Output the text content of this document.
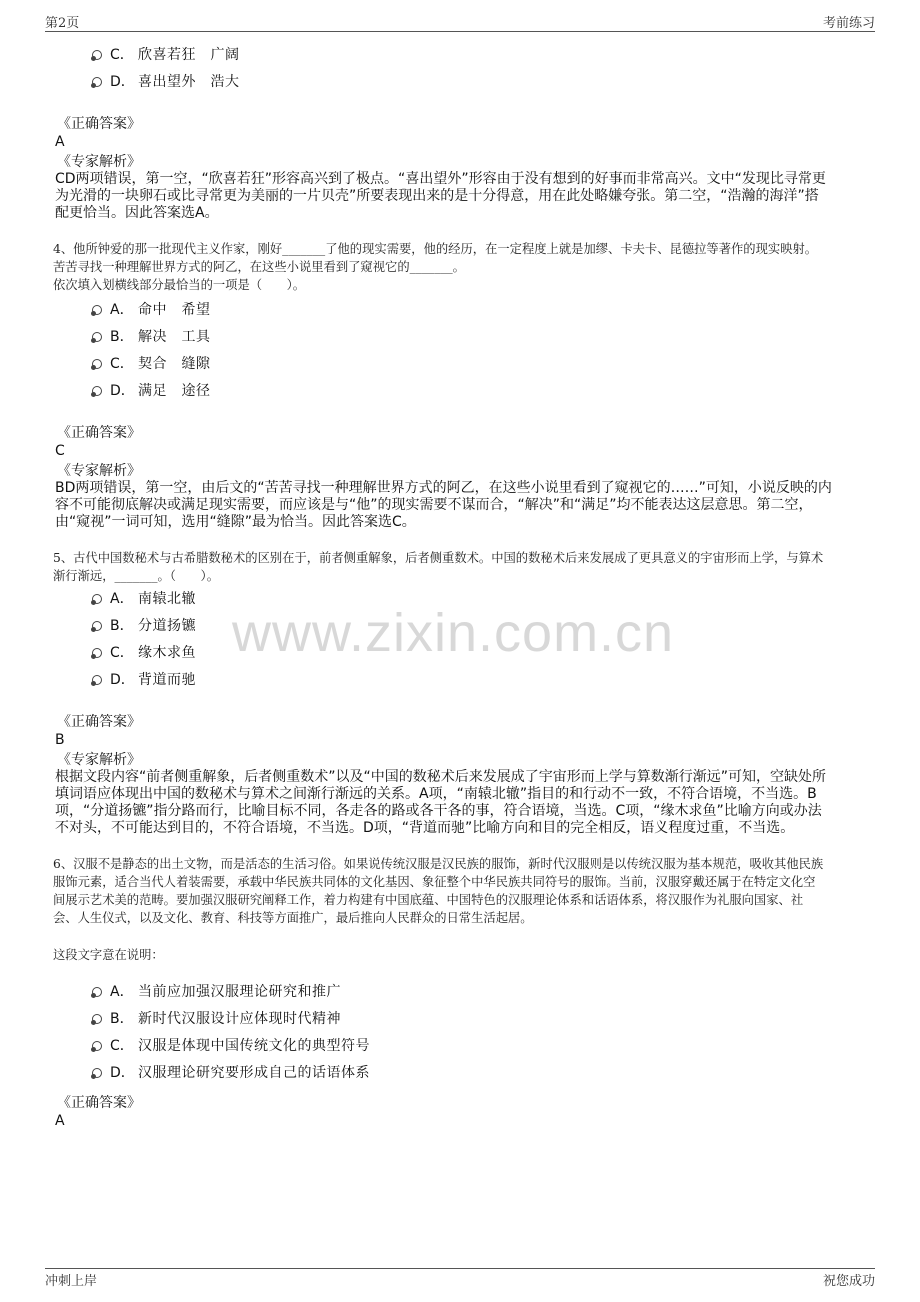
第2页	考前练习
www.zixin.com.cn
C． 欣喜若狂　广阔
D． 喜出望外　浩大
《正确答案》
A
《专家解析》
CD两项错误，第一空，“欣喜若狂”形容高兴到了极点。“喜出望外”形容由于没有想到的好事而非常高兴。文中“发现比寻常更
为光滑的一块卵石或比寻常更为美丽的一片贝壳”所要表现出来的是十分得意，用在此处略嫌夸张。第二空，“浩瀚的海洋”搭
配更恰当。因此答案选A。

4、他所钟爱的那一批现代主义作家，刚好_______了他的现实需要，他的经历，在一定程度上就是加缪、卡夫卡、昆德拉等著作的现实映射。

苦苦寻找一种理解世界方式的阿乙，在这些小说里看到了窥视它的_______。

依次填入划横线部分最恰当的一项是（　　）。

A． 命中　希望
B． 解决　工具
C． 契合　缝隙
D． 满足　途径
《正确答案》
C
《专家解析》
BD两项错误，第一空，由后文的“苦苦寻找一种理解世界方式的阿乙，在这些小说里看到了窥视它的……”可知，小说反映的内
容不可能彻底解决或满足现实需要，而应该是与“他”的现实需要不谋而合，“解决”和“满足”均不能表达这层意思。第二空，
由“窥视”一词可知，选用“缝隙”最为恰当。因此答案选C。

5、古代中国数秘术与古希腊数秘术的区别在于，前者侧重解象，后者侧重数术。中国的数秘术后来发展成了更具意义的宇宙形而上学，与算术

渐行渐远，_______。（　　）。

A． 南辕北辙
B． 分道扬镳
C． 缘木求鱼
D． 背道而驰
《正确答案》
B
《专家解析》
根据文段内容“前者侧重解象，后者侧重数术”以及“中国的数秘术后来发展成了宇宙形而上学与算数渐行渐远”可知，空缺处所
填词语应体现出中国的数秘术与算术之间渐行渐远的关系。A项，“南辕北辙”指目的和行动不一致，不符合语境，不当选。B
项，“分道扬镳”指分路而行，比喻目标不同，各走各的路或各干各的事，符合语境，当选。C项，“缘木求鱼”比喻方向或办法
不对头，不可能达到目的，不符合语境，不当选。D项，“背道而驰”比喻方向和目的完全相反，语义程度过重，不当选。

6、汉服不是静态的出土文物，而是活态的生活习俗。如果说传统汉服是汉民族的服饰，新时代汉服则是以传统汉服为基本规范，吸收其他民族

服饰元素，适合当代人着装需要，承载中华民族共同体的文化基因、象征整个中华民族共同符号的服饰。当前，汉服穿戴还属于在特定文化空

间展示艺术美的范畴。要加强汉服研究阐释工作，着力构建有中国底蕴、中国特色的汉服理论体系和话语体系，将汉服作为礼服向国家、社

会、人生仪式，以及文化、教育、科技等方面推广，最后推向人民群众的日常生活起居。

这段文字意在说明：

A． 当前应加强汉服理论研究和推广
B． 新时代汉服设计应体现时代精神
C． 汉服是体现中国传统文化的典型符号
D． 汉服理论研究要形成自己的话语体系
《正确答案》
A
冲刺上岸	祝您成功
